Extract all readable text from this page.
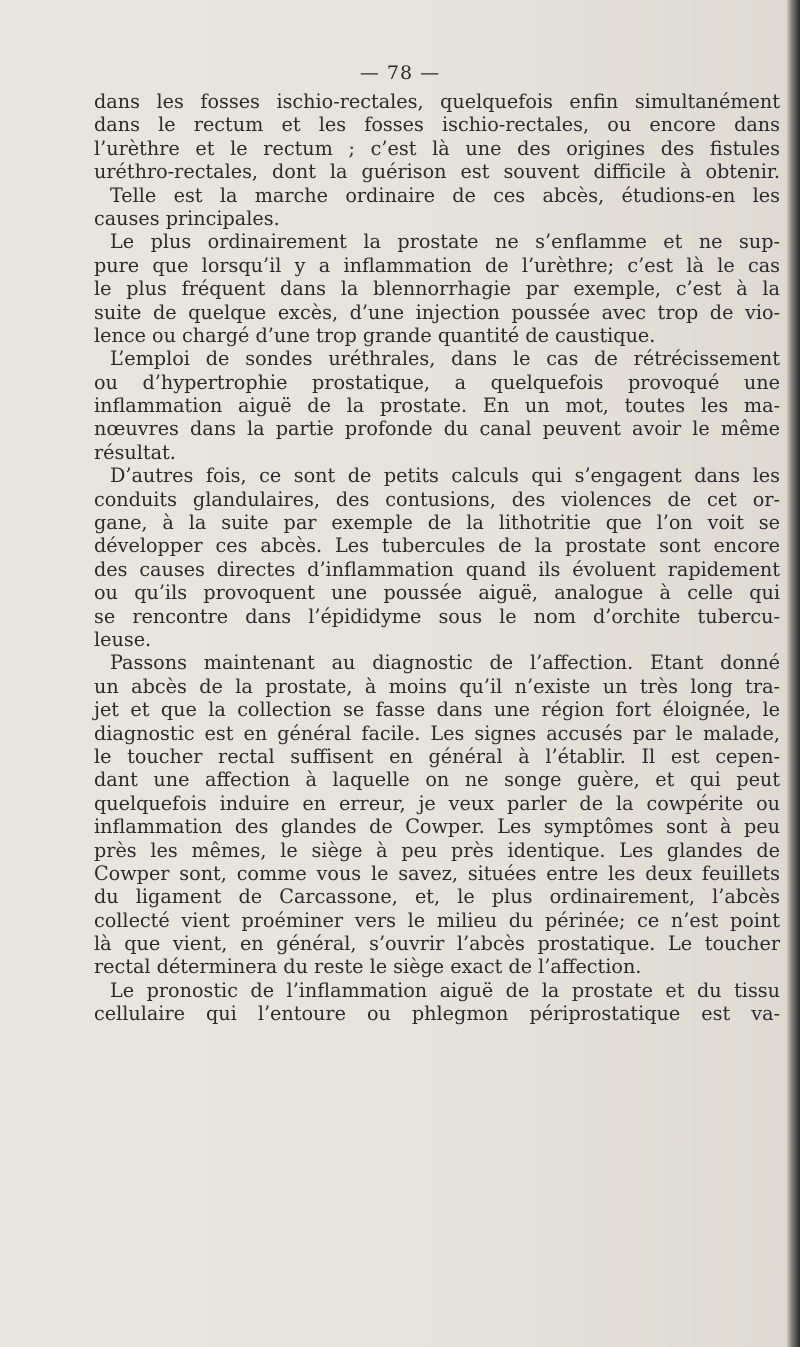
— 78 —
dans les fosses ischio-rectales, quelquefois enfin simultanément
dans le rectum et les fosses ischio-rectales, ou encore dans
l’urèthre et le rectum ; c’est là une des origines des fistules
uréthro-rectales, dont la guérison est souvent difficile à obtenir.
Telle est la marche ordinaire de ces abcès, étudions-en les
causes principales.
Le plus ordinairement la prostate ne s’enflamme et ne sup-
pure que lorsqu’il y a inflammation de l’urèthre; c’est là le cas
le plus fréquent dans la blennorrhagie par exemple, c’est à la
suite de quelque excès, d’une injection poussée avec trop de vio-
lence ou chargé d’une trop grande quantité de caustique.
L’emploi de sondes uréthrales, dans le cas de rétrécissement
ou d’hypertrophie prostatique, a quelquefois provoqué une
inflammation aiguë de la prostate. En un mot, toutes les ma-
nœuvres dans la partie profonde du canal peuvent avoir le même
résultat.
D’autres fois, ce sont de petits calculs qui s’engagent dans les
conduits glandulaires, des contusions, des violences de cet or-
gane, à la suite par exemple de la lithotritie que l’on voit se
développer ces abcès. Les tubercules de la prostate sont encore
des causes directes d’inflammation quand ils évoluent rapidement
ou qu’ils provoquent une poussée aiguë, analogue à celle qui
se rencontre dans l’épididyme sous le nom d’orchite tubercu-
leuse.
Passons maintenant au diagnostic de l’affection. Etant donné
un abcès de la prostate, à moins qu’il n’existe un très long tra-
jet et que la collection se fasse dans une région fort éloignée, le
diagnostic est en général facile. Les signes accusés par le malade,
le toucher rectal suffisent en général à l’établir. Il est cepen-
dant une affection à laquelle on ne songe guère, et qui peut
quelquefois induire en erreur, je veux parler de la cowpérite ou
inflammation des glandes de Cowper. Les symptômes sont à peu
près les mêmes, le siège à peu près identique. Les glandes de
Cowper sont, comme vous le savez, situées entre les deux feuillets
du ligament de Carcassone, et, le plus ordinairement, l’abcès
collecté vient proéminer vers le milieu du périnée; ce n’est point
là que vient, en général, s’ouvrir l’abcès prostatique. Le toucher
rectal déterminera du reste le siège exact de l’affection.
Le pronostic de l’inflammation aiguë de la prostate et du tissu
cellulaire qui l’entoure ou phlegmon périprostatique est va-
